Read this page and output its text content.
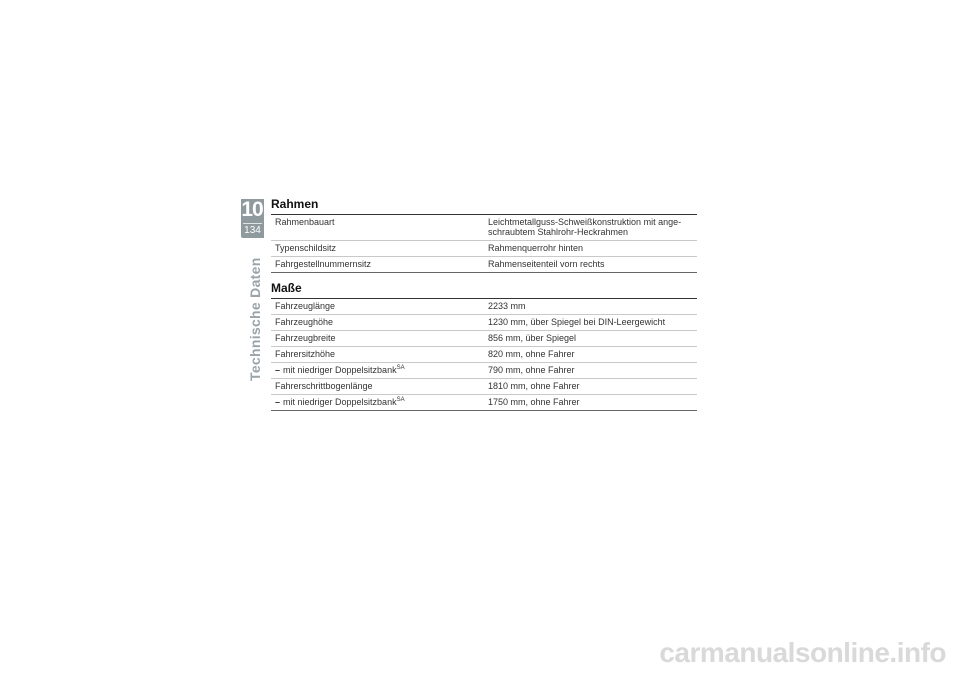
10
134
Technische Daten
Rahmen
Rahmenbauart	Leichtmetallguss-Schweißkonstruktion mit ange-
schraubtem Stahlrohr-Heckrahmen
Typenschildsitz	Rahmenquerrohr hinten
Fahrgestellnummernsitz	Rahmenseitenteil vorn rechts
Maße
Fahrzeuglänge	2233 mm
Fahrzeughöhe	1230 mm, über Spiegel bei DIN-Leergewicht
Fahrzeugbreite	856 mm, über Spiegel
Fahrersitzhöhe	820 mm, ohne Fahrer
– mit niedriger Doppelsitzbank$^{SA}$	790 mm, ohne Fahrer
Fahrerschrittbogenlänge	1810 mm, ohne Fahrer
– mit niedriger Doppelsitzbank$^{SA}$	1750 mm, ohne Fahrer
carmanualsonline.info
